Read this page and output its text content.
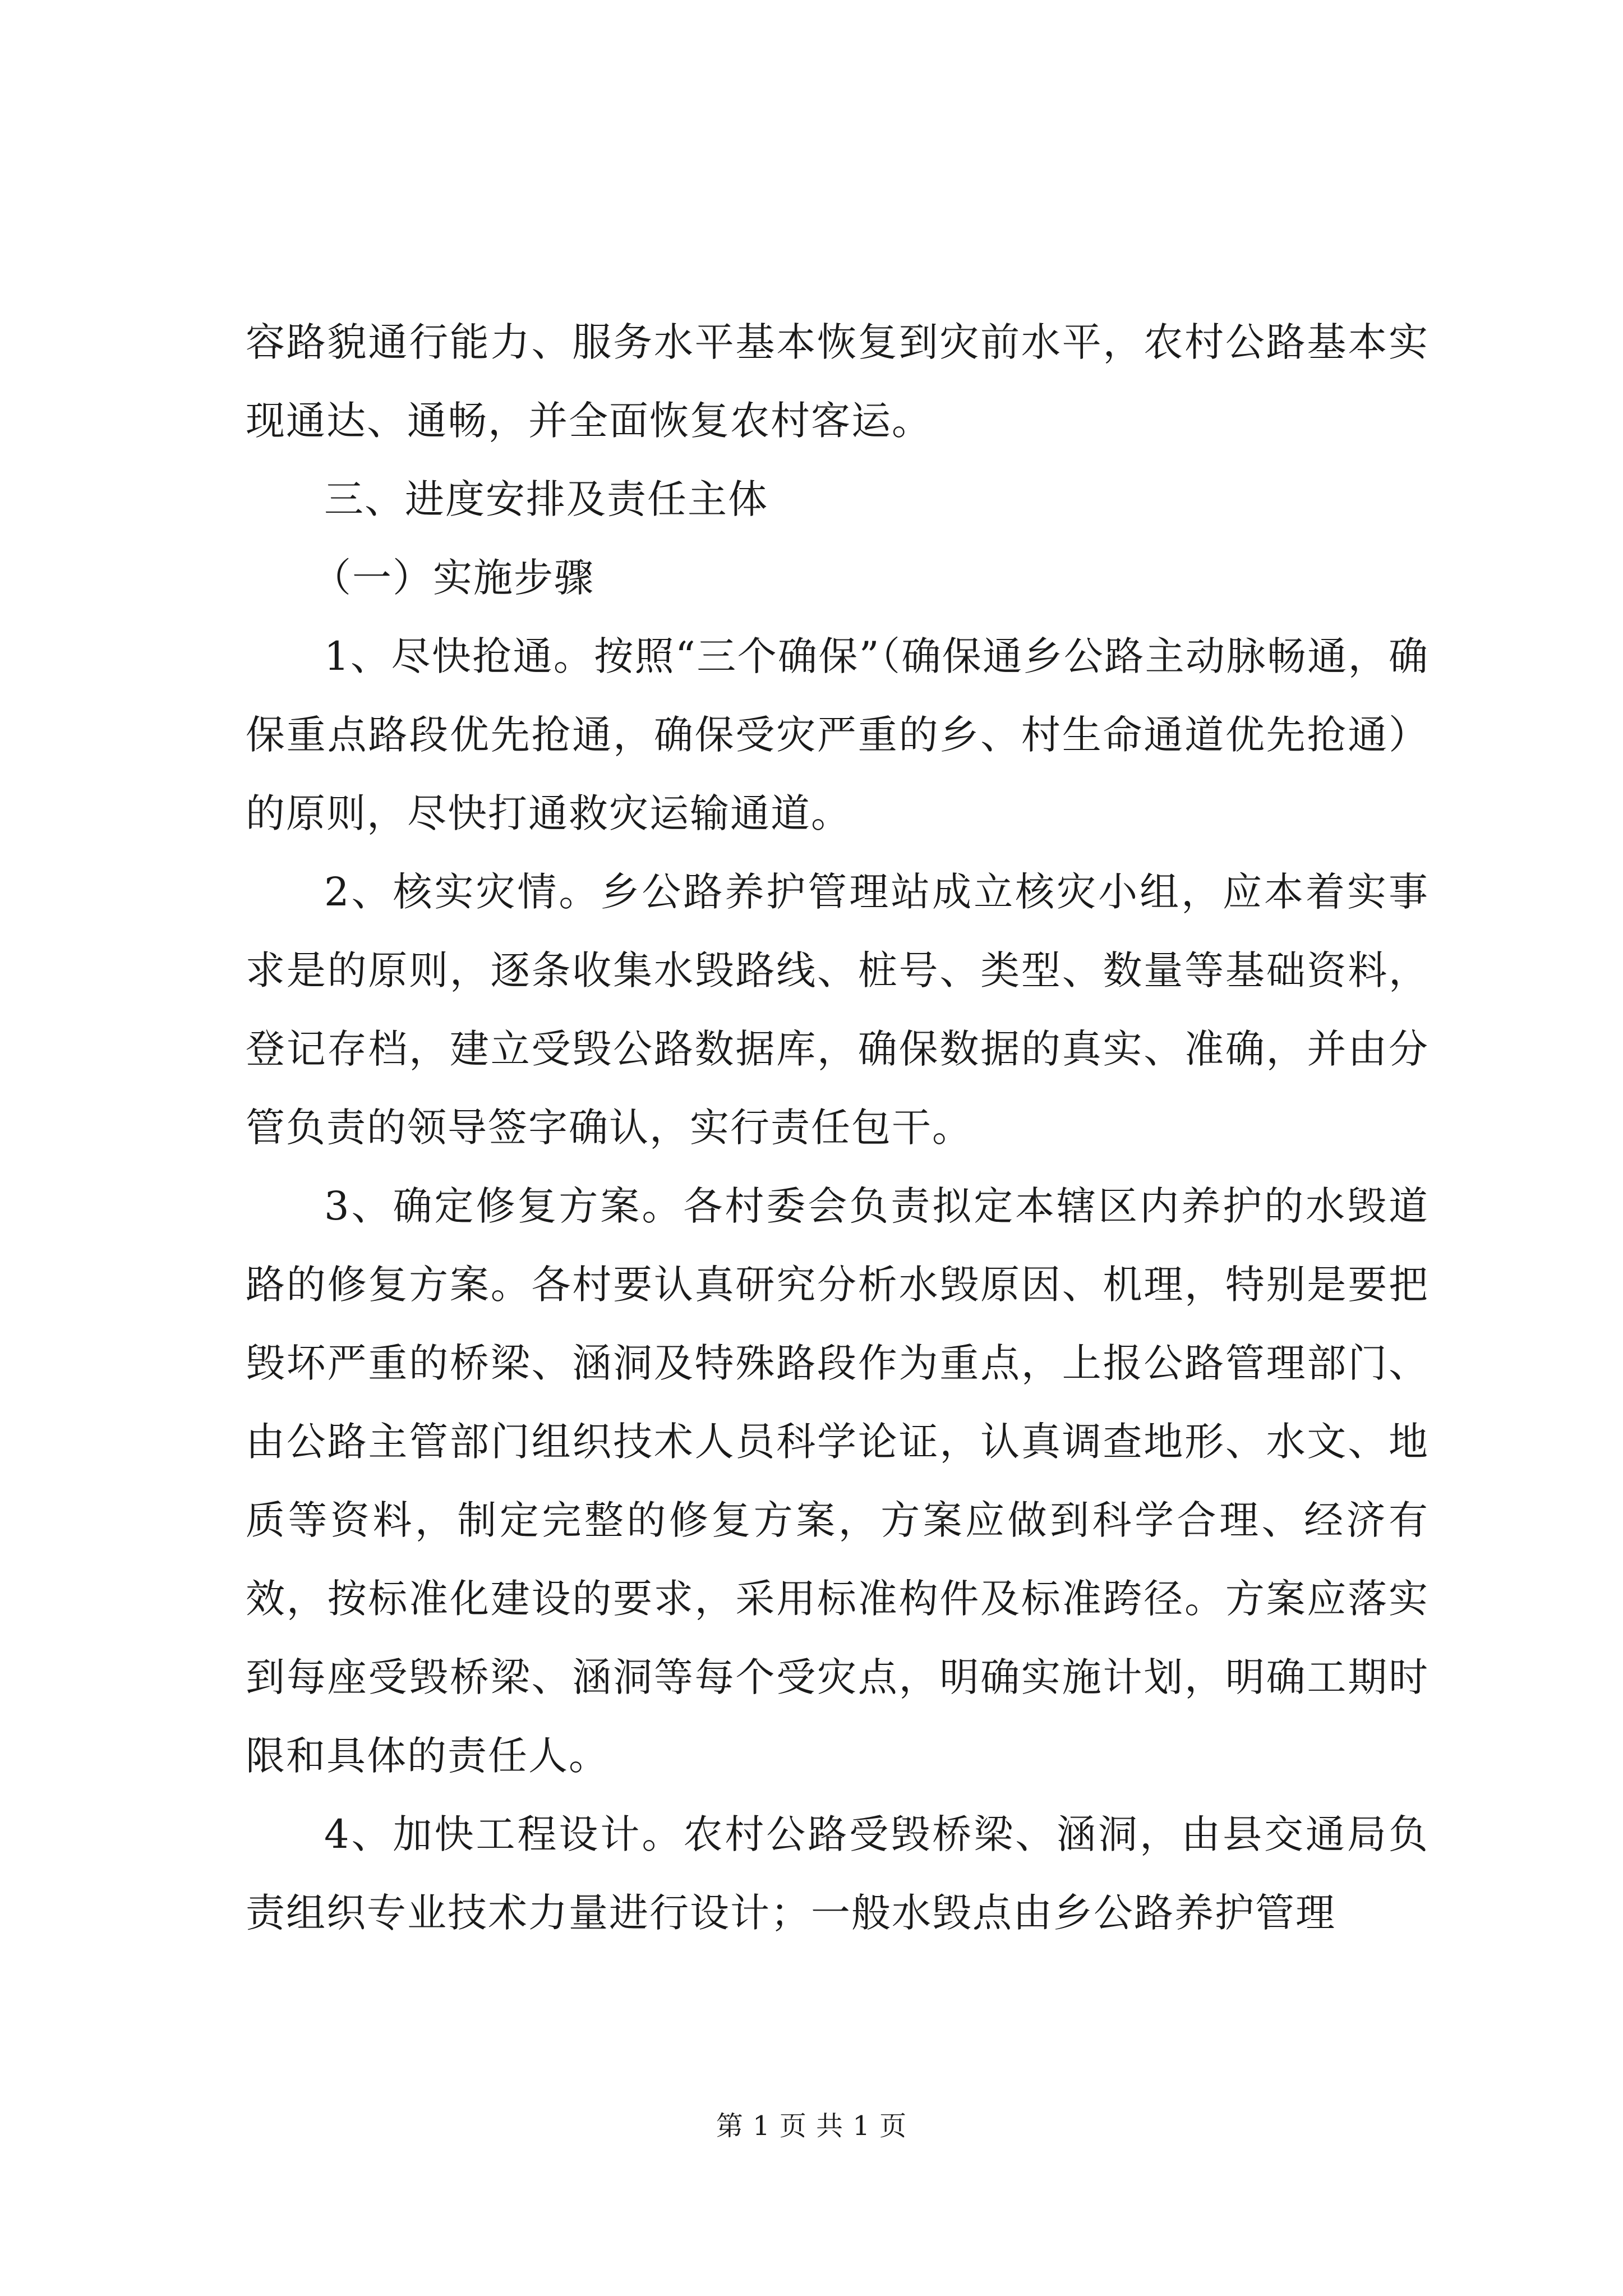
容路貌通行能力、服务水平基本恢复到灾前水平，农村公路基本实现通达、通畅，并全面恢复农村客运。

三、进度安排及责任主体

（一）实施步骤

1、尽快抢通。按照“三个确保”（确保通乡公路主动脉畅通，确保重点路段优先抢通，确保受灾严重的乡、村生命通道优先抢通）的原则，尽快打通救灾运输通道。

2、核实灾情。乡公路养护管理站成立核灾小组，应本着实事求是的原则，逐条收集水毁路线、桩号、类型、数量等基础资料，登记存档，建立受毁公路数据库，确保数据的真实、准确，并由分管负责的领导签字确认，实行责任包干。

3、确定修复方案。各村委会负责拟定本辖区内养护的水毁道路的修复方案。各村要认真研究分析水毁原因、机理，特别是要把毁坏严重的桥梁、涵洞及特殊路段作为重点，上报公路管理部门、由公路主管部门组织技术人员科学论证，认真调查地形、水文、地质等资料，制定完整的修复方案，方案应做到科学合理、经济有效，按标准化建设的要求，采用标准构件及标准跨径。方案应落实到每座受毁桥梁、涵洞等每个受灾点，明确实施计划，明确工期时限和具体的责任人。

4、加快工程设计。农村公路受毁桥梁、涵洞，由县交通局负责组织专业技术力量进行设计；一般水毁点由乡公路养护管理

第 1 页 共 1 页
